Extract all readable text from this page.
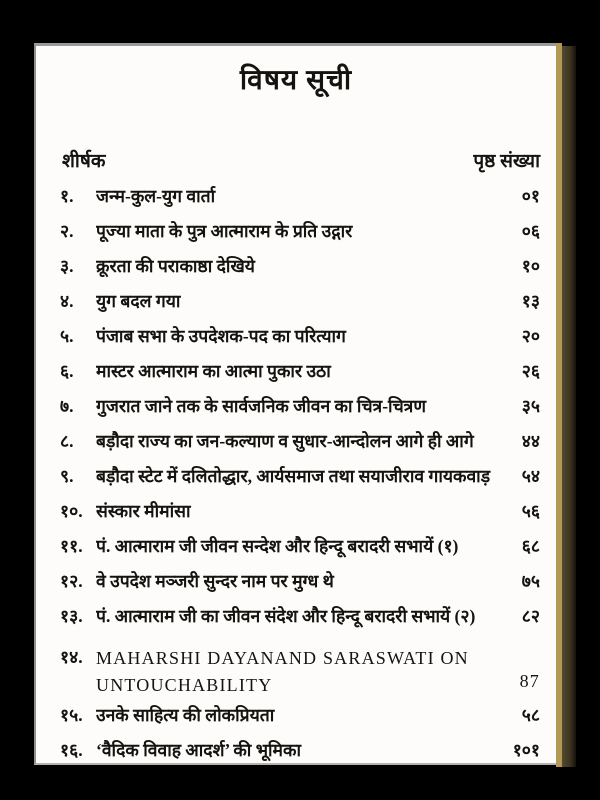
विषय सूची
शीर्षक	पृष्ठ संख्या
१.	जन्म-कुल-युग वार्ता	०१
२.	पूज्या माता के पुत्र आत्माराम के प्रति उद्गार	०६
३.	क्रूरता की पराकाष्ठा देखिये	१०
४.	युग बदल गया	१३
५.	पंजाब सभा के उपदेशक-पद का परित्याग	२०
६.	मास्टर आत्माराम का आत्मा पुकार उठा	२६
७.	गुजरात जाने तक के सार्वजनिक जीवन का चित्र-चित्रण	३५
८.	बड़ौदा राज्य का जन-कल्याण व सुधार-आन्दोलन आगे ही आगे	४४
९.	बड़ौदा स्टेट में दलितोद्धार, आर्यसमाज तथा सयाजीराव गायकवाड़	५४
१०. संस्कार मीमांसा	५६
११. पं. आत्माराम जी जीवन सन्देश और हिन्दू बरादरी सभायें (१)	६८
१२. वे उपदेश मञ्जरी सुन्दर नाम पर मुग्ध थे	७५
१३. पं. आत्माराम जी का जीवन संदेश और हिन्दू बरादरी सभायें (२)	८२
१४. MAHARSHI DAYANAND SARASWATI ON
UNTOUCHABILITY	87
१५. उनके साहित्य की लोकप्रियता	५८
१६. ‘वैदिक विवाह आदर्श’ की भूमिका	१०१
